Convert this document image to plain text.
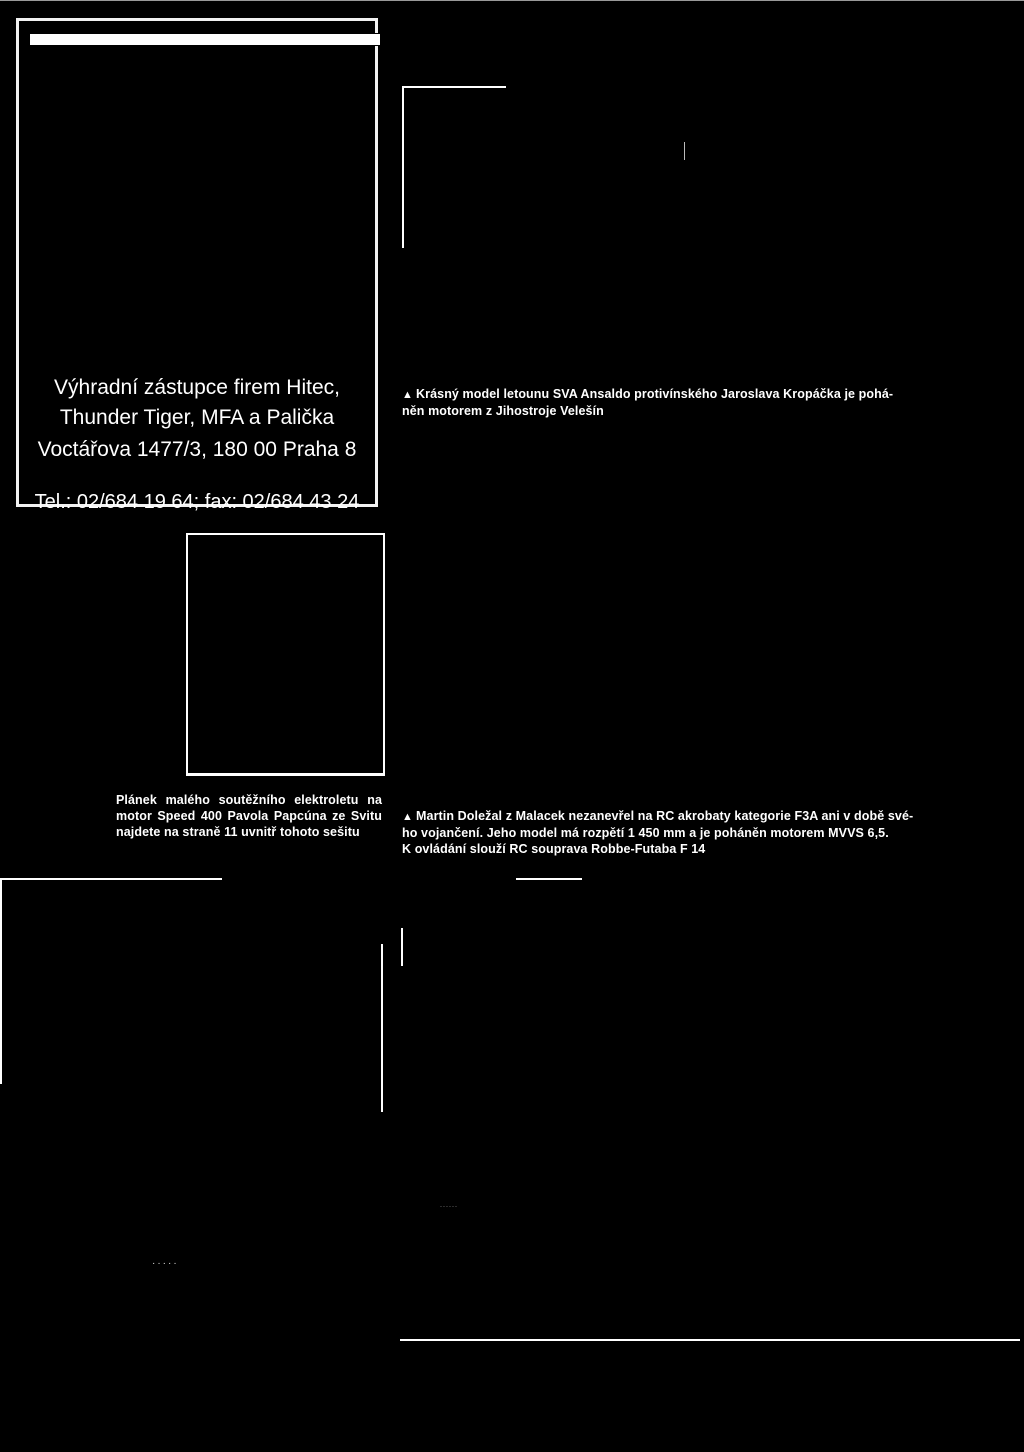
Výhradní zástupce firem Hitec,
Thunder Tiger, MFA a Palička
Voctářova 1477/3, 180 00 Praha 8
Tel.: 02/684 19 64; fax: 02/684 43 24

▲ Krásný model letounu SVA Ansaldo protivínského Jaroslava Kropáčka je pohá-

něn motorem z Jihostroje Velešín

Plánek malého soutěžního elektroletu na motor Speed 400 Pavola Papcúna ze Svitu najdete na straně 11 uvnitř tohoto sešitu

▲ Martin Doležal z Malacek nezanevřel na RC akrobaty kategorie F3A ani v době své-

ho vojančení. Jeho model má rozpětí 1 450 mm a je poháněn motorem MVVS 6,5.

K ovládání slouží RC souprava Robbe-Futaba F 14

·····
······
